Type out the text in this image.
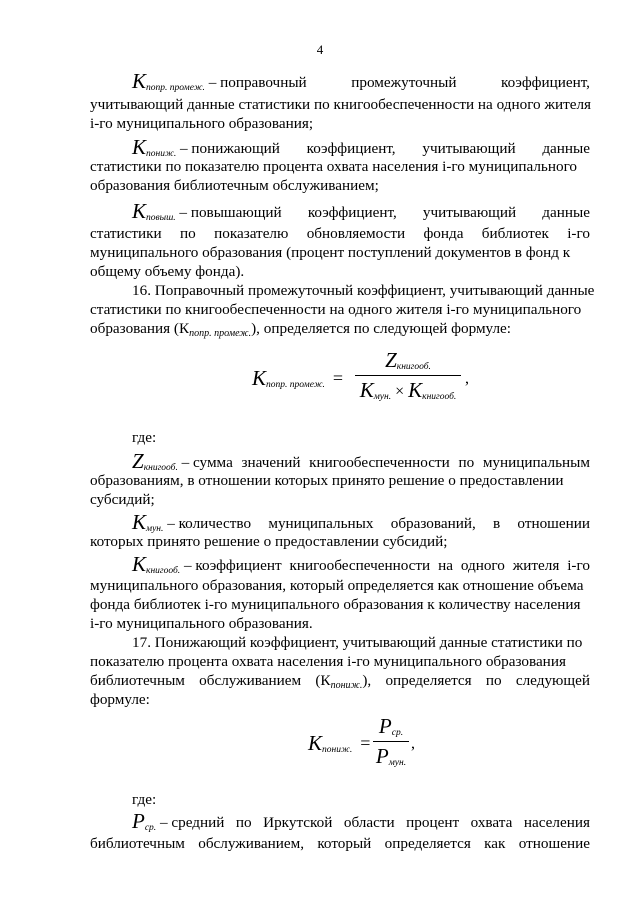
4
$K_{попр. промеж.}$ – поправочный	промежуточный	коэффициент,
учитывающий данные статистики по книгообеспеченности на одного жителя
i-го муниципального образования;
$K_{пониж.}$ – понижающий коэффициент, учитывающий данные
статистики по показателю процента охвата населения i-го муниципального
образования библиотечным обслуживанием;
$K_{повыш.}$ – повышающий коэффициент, учитывающий данные
статистики по показателю обновляемости фонда библиотек i-го
муниципального образования (процент поступлений документов в фонд к
общему объему фонда).
16. Поправочный промежуточный коэффициент, учитывающий данные
статистики по книгообеспеченности на одного жителя i-го муниципального
образования (Кпопр. промеж.), определяется по следующей формуле:
$K_{попр. промеж.}$ =
$Z_{книгооб.}$
$K_{мун.} \times K_{книгооб.}$
,
где:
$Z_{книгооб.}$ – сумма значений книгообеспеченности по муниципальным
образованиям, в отношении которых принято решение о предоставлении
субсидий;
$K_{мун.}$ – количество муниципальных образований, в отношении
которых принято решение о предоставлении субсидий;
$K_{книгооб.}$ – коэффициент книгообеспеченности на одного жителя i-го
муниципального образования, который определяется как отношение объема
фонда библиотек i-го муниципального образования к количеству населения
i-го муниципального образования.
17. Понижающий коэффициент, учитывающий данные статистики по
показателю процента охвата населения i-го муниципального образования
библиотечным обслуживанием (Кпониж.), определяется по следующей
формуле:
$K_{пониж.}$ =
$P_{ср.}$
$P_{мун.}$
,
где:
$P_{ср.}$ – средний по Иркутской области процент охвата населения
библиотечным обслуживанием, который определяется как отношение
